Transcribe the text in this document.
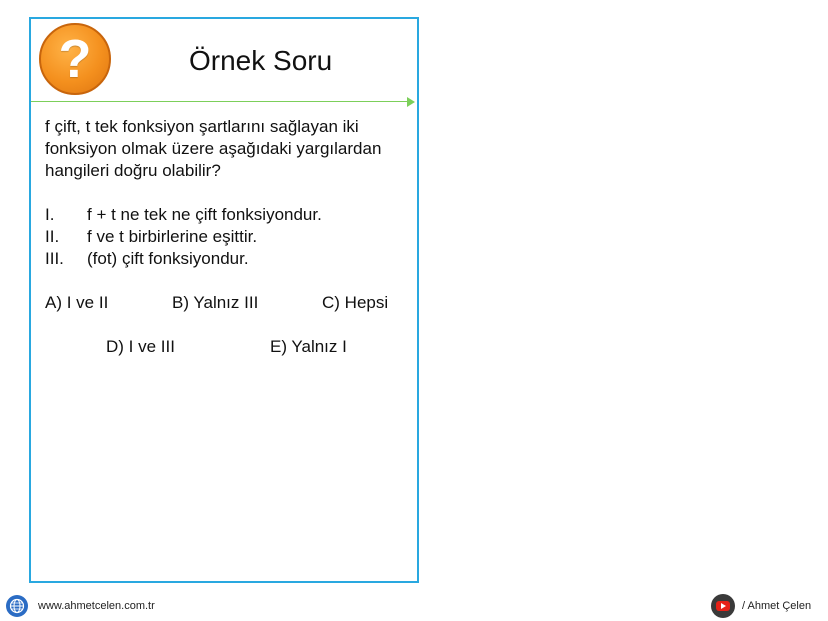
?	Örnek Soru
f çift, t tek fonksiyon şartlarını sağlayan iki fonksiyon olmak üzere aşağıdaki yargılardan hangileri doğru olabilir?
I.	f + t ne tek ne çift fonksiyondur.
II.	f ve t birbirlerine eşittir.
III.	(fot) çift fonksiyondur.
A) I ve II	B) Yalnız III	C) Hepsi
D) I ve III	E) Yalnız I
www.ahmetcelen.com.tr	/ Ahmet Çelen
